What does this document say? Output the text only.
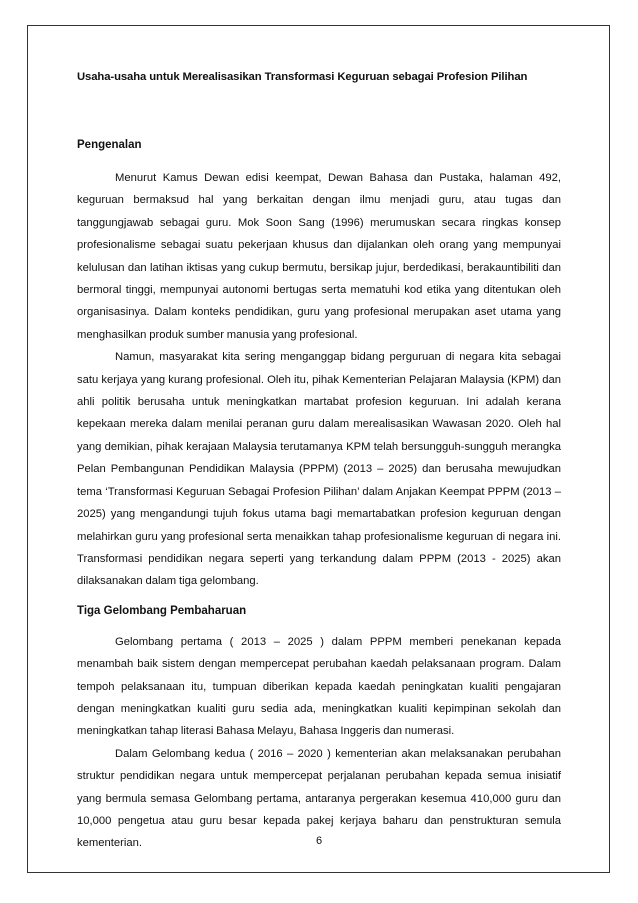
Usaha-usaha untuk Merealisasikan Transformasi Keguruan sebagai Profesion Pilihan
Pengenalan

Menurut Kamus Dewan edisi keempat, Dewan Bahasa dan Pustaka, halaman 492, keguruan bermaksud hal yang berkaitan dengan ilmu menjadi guru, atau tugas dan tanggungjawab sebagai guru. Mok Soon Sang (1996) merumuskan secara ringkas konsep profesionalisme sebagai suatu pekerjaan khusus dan dijalankan oleh orang yang mempunyai kelulusan dan latihan iktisas yang cukup bermutu, bersikap jujur, berdedikasi, berakauntibiliti dan bermoral tinggi, mempunyai autonomi bertugas serta mematuhi kod etika yang ditentukan oleh organisasinya. Dalam konteks pendidikan, guru yang profesional merupakan aset utama yang menghasilkan produk sumber manusia yang profesional.

Namun, masyarakat kita sering menganggap bidang perguruan di negara kita sebagai satu kerjaya yang kurang profesional. Oleh itu, pihak Kementerian Pelajaran Malaysia (KPM) dan ahli politik berusaha untuk meningkatkan martabat profesion keguruan. Ini adalah kerana kepekaan mereka dalam menilai peranan guru dalam merealisasikan Wawasan 2020. Oleh hal yang demikian, pihak kerajaan Malaysia terutamanya KPM telah bersungguh-sungguh merangka Pelan Pembangunan Pendidikan Malaysia (PPPM) (2013 – 2025) dan berusaha mewujudkan tema ‘Transformasi Keguruan Sebagai Profesion Pilihan’ dalam Anjakan Keempat PPPM (2013 – 2025) yang mengandungi tujuh fokus utama bagi memartabatkan profesion keguruan dengan melahirkan guru yang profesional serta menaikkan tahap profesionalisme keguruan di negara ini. Transformasi pendidikan negara seperti yang terkandung dalam PPPM (2013 - 2025) akan dilaksanakan dalam tiga gelombang.

Tiga Gelombang Pembaharuan

Gelombang pertama ( 2013 – 2025 ) dalam PPPM memberi penekanan kepada menambah baik sistem dengan mempercepat perubahan kaedah pelaksanaan program. Dalam tempoh pelaksanaan itu, tumpuan diberikan kepada kaedah peningkatan kualiti pengajaran dengan meningkatkan kualiti guru sedia ada, meningkatkan kualiti kepimpinan sekolah dan meningkatkan tahap literasi Bahasa Melayu, Bahasa Inggeris dan numerasi.

Dalam Gelombang kedua ( 2016 – 2020 ) kementerian akan melaksanakan perubahan struktur pendidikan negara untuk mempercepat perjalanan perubahan kepada semua inisiatif yang bermula semasa Gelombang pertama, antaranya pergerakan kesemua 410,000 guru dan 10,000 pengetua atau guru besar kepada pakej kerjaya baharu dan penstrukturan semula kementerian.	6
